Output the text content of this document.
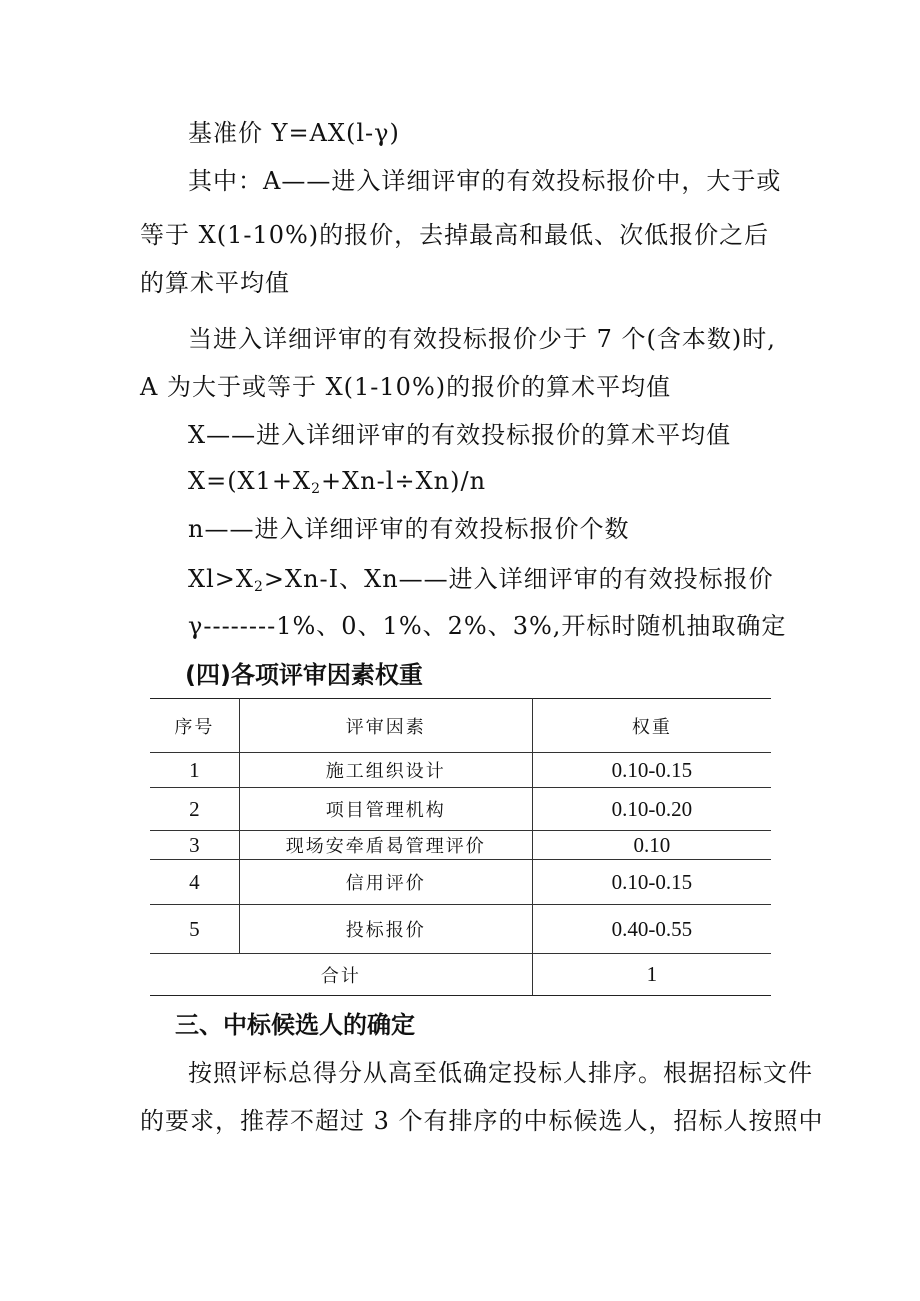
基准价 Y=AX(l-γ)
其中：A——进入详细评审的有效投标报价中，大于或
等于 X(1-10%)的报价，去掉最高和最低、次低报价之后
的算术平均值
当进入详细评审的有效投标报价少于 7 个(含本数)时,
A 为大于或等于 X(1-10%)的报价的算术平均值
X——进入详细评审的有效投标报价的算术平均值
$X=(X1+X_2+Xn-l\div Xn)/n$
n——进入详细评审的有效投标报价个数
$Xl>X_2>Xn-I$、Xn——进入详细评审的有效投标报价
γ--------1%、0、1%、2%、3%,开标时随机抽取确定
(四)各项评审因素权重
序号	评审因素	权重
1	施工组织设计	0.10-0.15
2	项目管理机构	0.10-0.20
3	现场安牵盾曷管理评价	0.10
4	信用评价	0.10-0.15
5	投标报价	0.40-0.55
合计		1
三、中标候选人的确定
按照评标总得分从高至低确定投标人排序。根据招标文件
的要求，推荐不超过 3 个有排序的中标候选人，招标人按照中
